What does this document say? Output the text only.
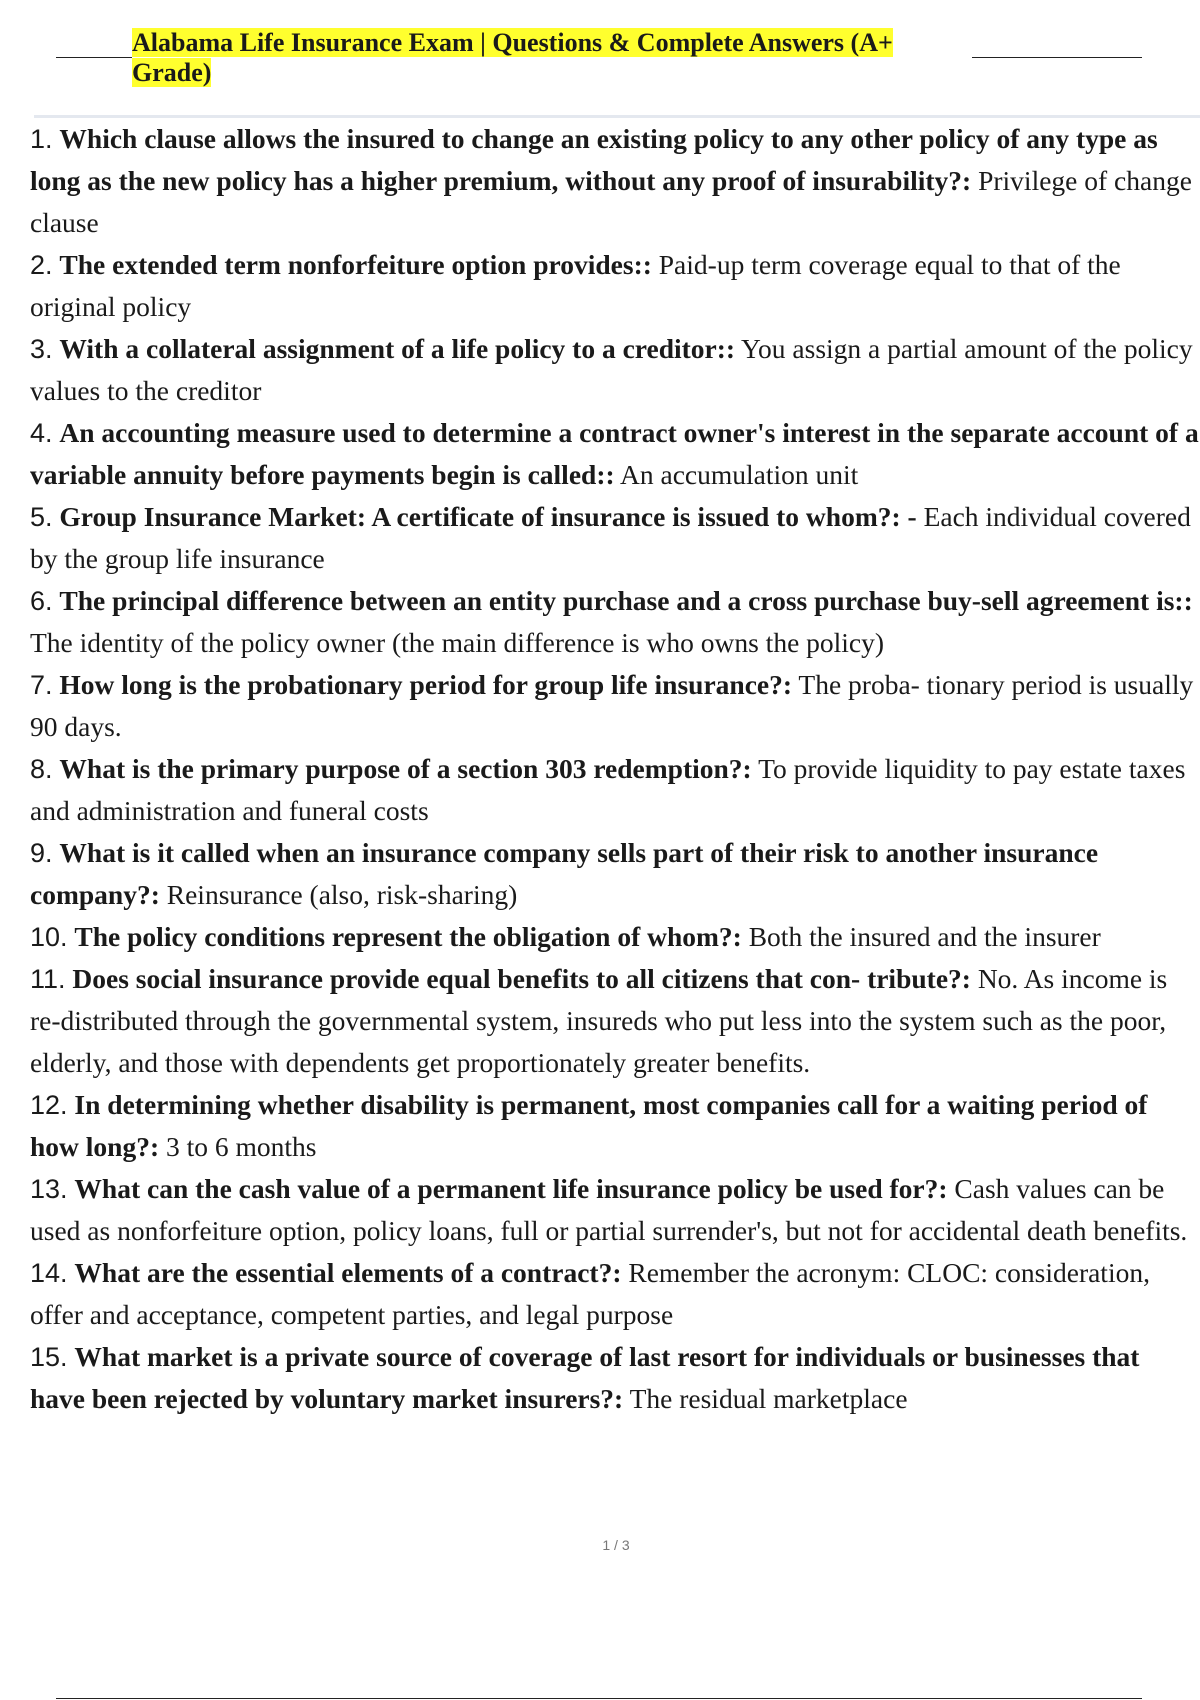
Alabama Life Insurance Exam | Questions & Complete Answers (A+ Grade)
1. Which clause allows the insured to change an existing policy to any other policy of any type as long as the new policy has a higher premium, without any proof of insurability?: Privilege of change clause
2. The extended term nonforfeiture option provides:: Paid-up term coverage equal to that of the original policy
3. With a collateral assignment of a life policy to a creditor:: You assign a partial amount of the policy values to the creditor
4. An accounting measure used to determine a contract owner's interest in the separate account of a variable annuity before payments begin is called:: An accumulation unit
5. Group Insurance Market: A certificate of insurance is issued to whom?: - Each individual covered by the group life insurance
6. The principal difference between an entity purchase and a cross purchase buy-sell agreement is:: The identity of the policy owner (the main difference is who owns the policy)
7. How long is the probationary period for group life insurance?: The proba- tionary period is usually 90 days.
8. What is the primary purpose of a section 303 redemption?: To provide liquidity to pay estate taxes and administration and funeral costs
9. What is it called when an insurance company sells part of their risk to another insurance company?: Reinsurance (also, risk-sharing)
10. The policy conditions represent the obligation of whom?: Both the insured and the insurer
11. Does social insurance provide equal benefits to all citizens that con- tribute?: No. As income is re-distributed through the governmental system, insureds who put less into the system such as the poor, elderly, and those with dependents get proportionately greater benefits.
12. In determining whether disability is permanent, most companies call for a waiting period of how long?: 3 to 6 months
13. What can the cash value of a permanent life insurance policy be used for?: Cash values can be used as nonforfeiture option, policy loans, full or partial surrender's, but not for accidental death benefits.
14. What are the essential elements of a contract?: Remember the acronym: CLOC: consideration, offer and acceptance, competent parties, and legal purpose
15. What market is a private source of coverage of last resort for individuals or businesses that have been rejected by voluntary market insurers?: The residual marketplace
1 / 3
